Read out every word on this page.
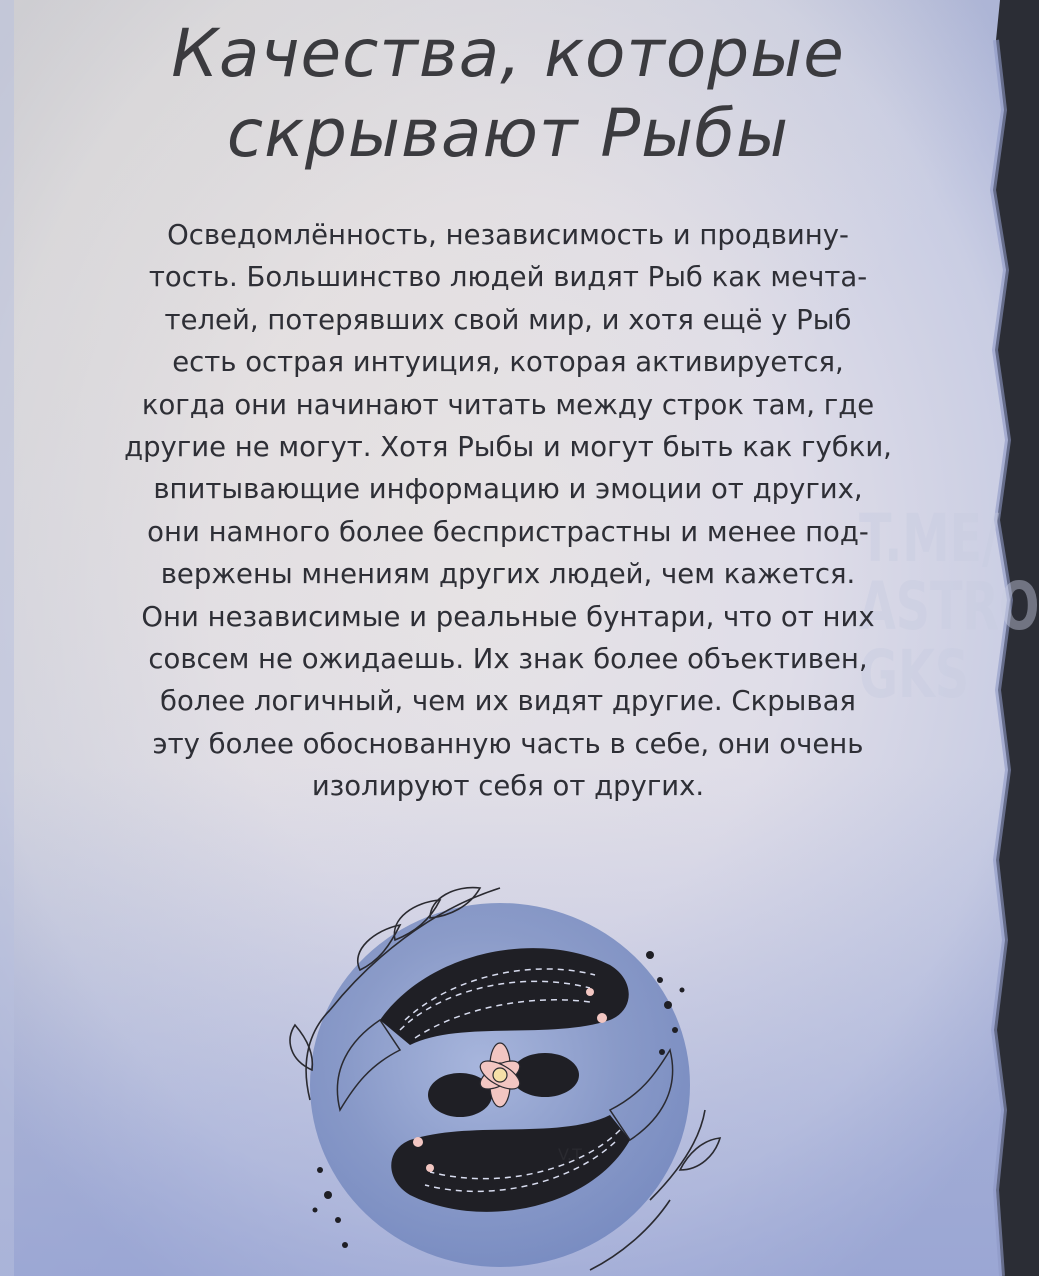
Качества, которые
скрывают Рыбы
T.ME/
ASTRO
GKS
Осведомлённость, независимость и продвину-
тость. Большинство людей видят Рыб как мечта-
телей, потерявших свой мир, и хотя ещё у Рыб
есть острая интуиция, которая активируется,
когда они начинают читать между строк там, где
другие не могут. Хотя Рыбы и могут быть как губки,
впитывающие информацию и эмоции от других,
они намного более беспристрастны и менее под-
вержены мнениям других людей, чем кажется.
Они независимые и реальные бунтари, что от них
совсем не ожидаешь. Их знак более объективен,
более логичный, чем их видят другие. Скрывая
эту более обоснованную часть в себе, они очень
изолируют себя от других.
V.T.
